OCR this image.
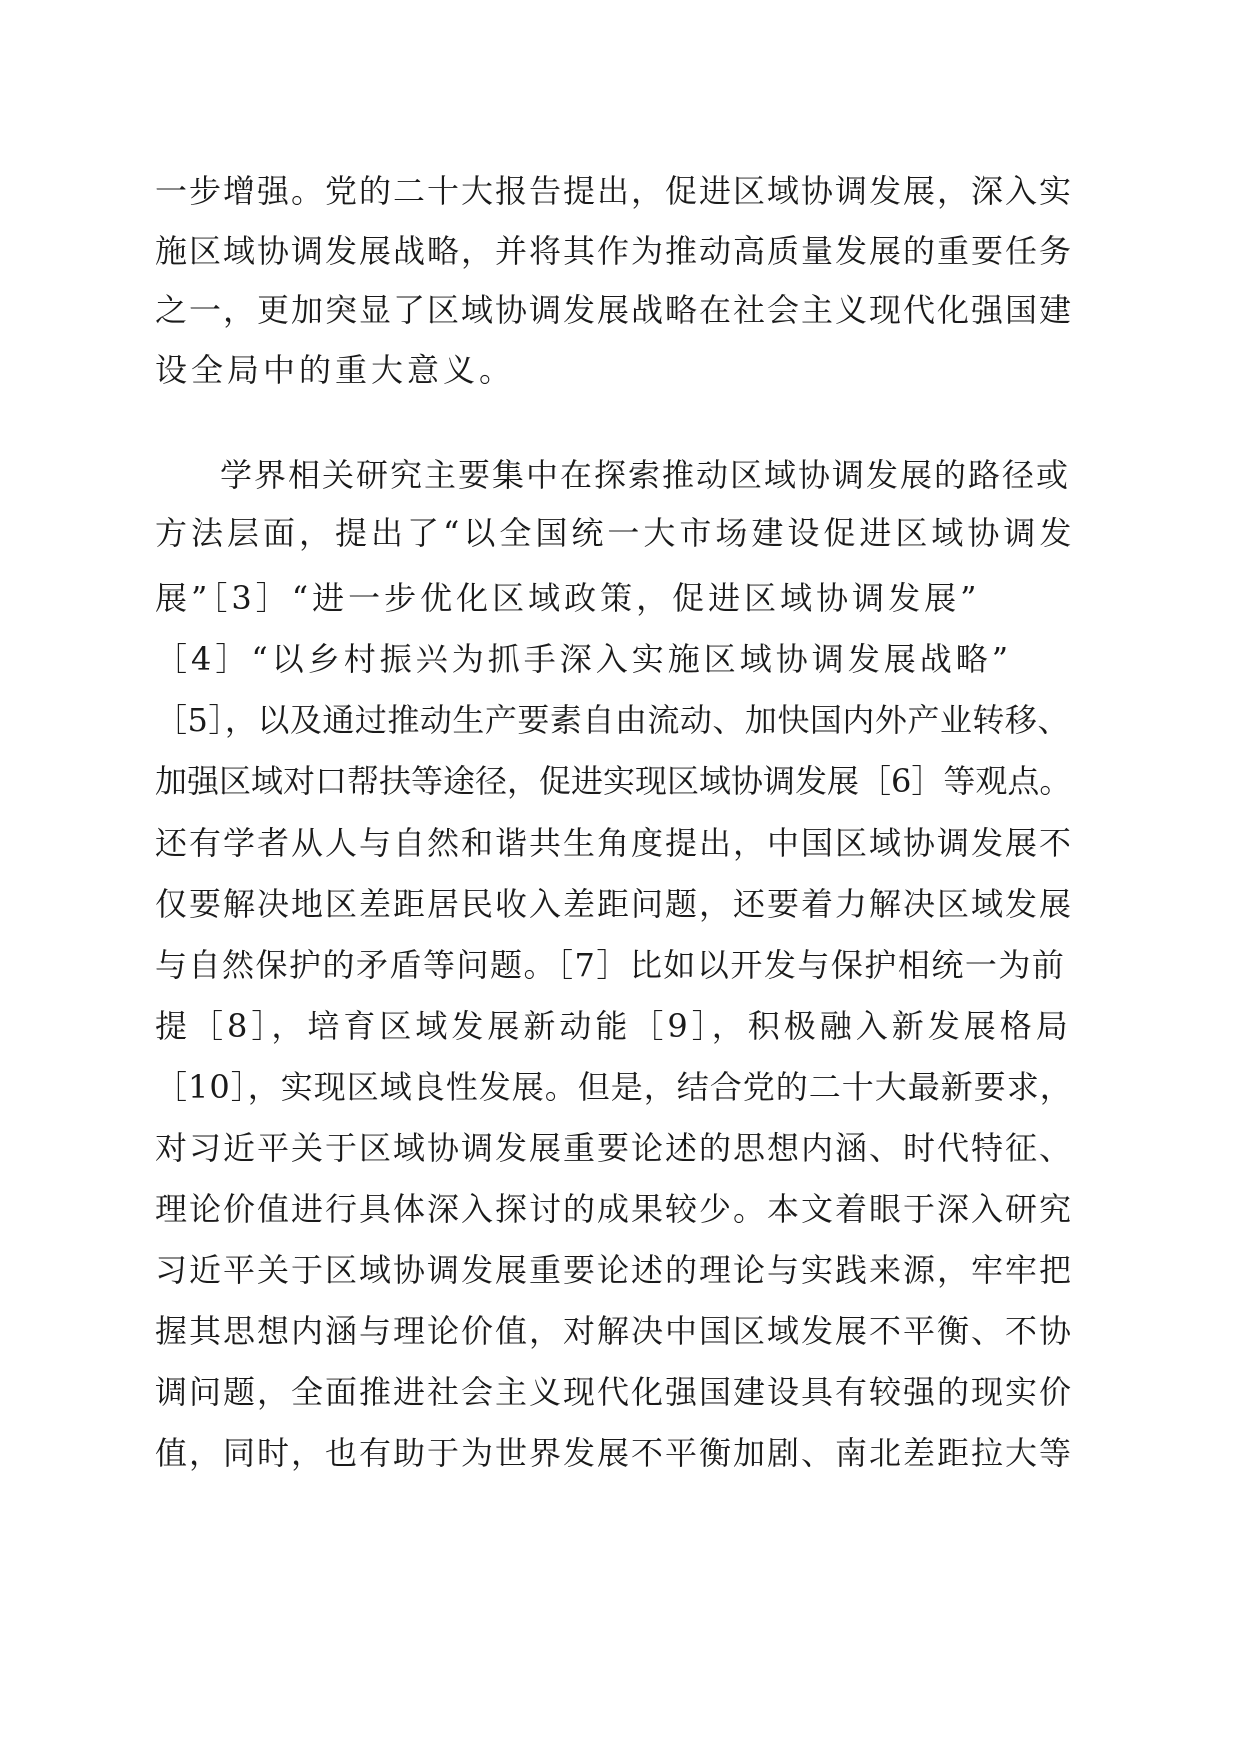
一步增强。党的二十大报告提出，促进区域协调发展，深入实
施区域协调发展战略，并将其作为推动高质量发展的重要任务
之一，更加突显了区域协调发展战略在社会主义现代化强国建
设全局中的重大意义。
学界相关研究主要集中在探索推动区域协调发展的路径或
方法层面，提出了“以全国统一大市场建设促进区域协调发
展”［3］“进一步优化区域政策，促进区域协调发展”
［4］“以乡村振兴为抓手深入实施区域协调发展战略”
［5］，以及通过推动生产要素自由流动、加快国内外产业转移、
加强区域对口帮扶等途径，促进实现区域协调发展［6］等观点。
还有学者从人与自然和谐共生角度提出，中国区域协调发展不
仅要解决地区差距居民收入差距问题，还要着力解决区域发展
与自然保护的矛盾等问题。［7］比如以开发与保护相统一为前
提［8］，培育区域发展新动能［9］，积极融入新发展格局
［10］，实现区域良性发展。但是，结合党的二十大最新要求，
对习近平关于区域协调发展重要论述的思想内涵、时代特征、
理论价值进行具体深入探讨的成果较少。本文着眼于深入研究
习近平关于区域协调发展重要论述的理论与实践来源，牢牢把
握其思想内涵与理论价值，对解决中国区域发展不平衡、不协
调问题，全面推进社会主义现代化强国建设具有较强的现实价
值，同时，也有助于为世界发展不平衡加剧、南北差距拉大等
